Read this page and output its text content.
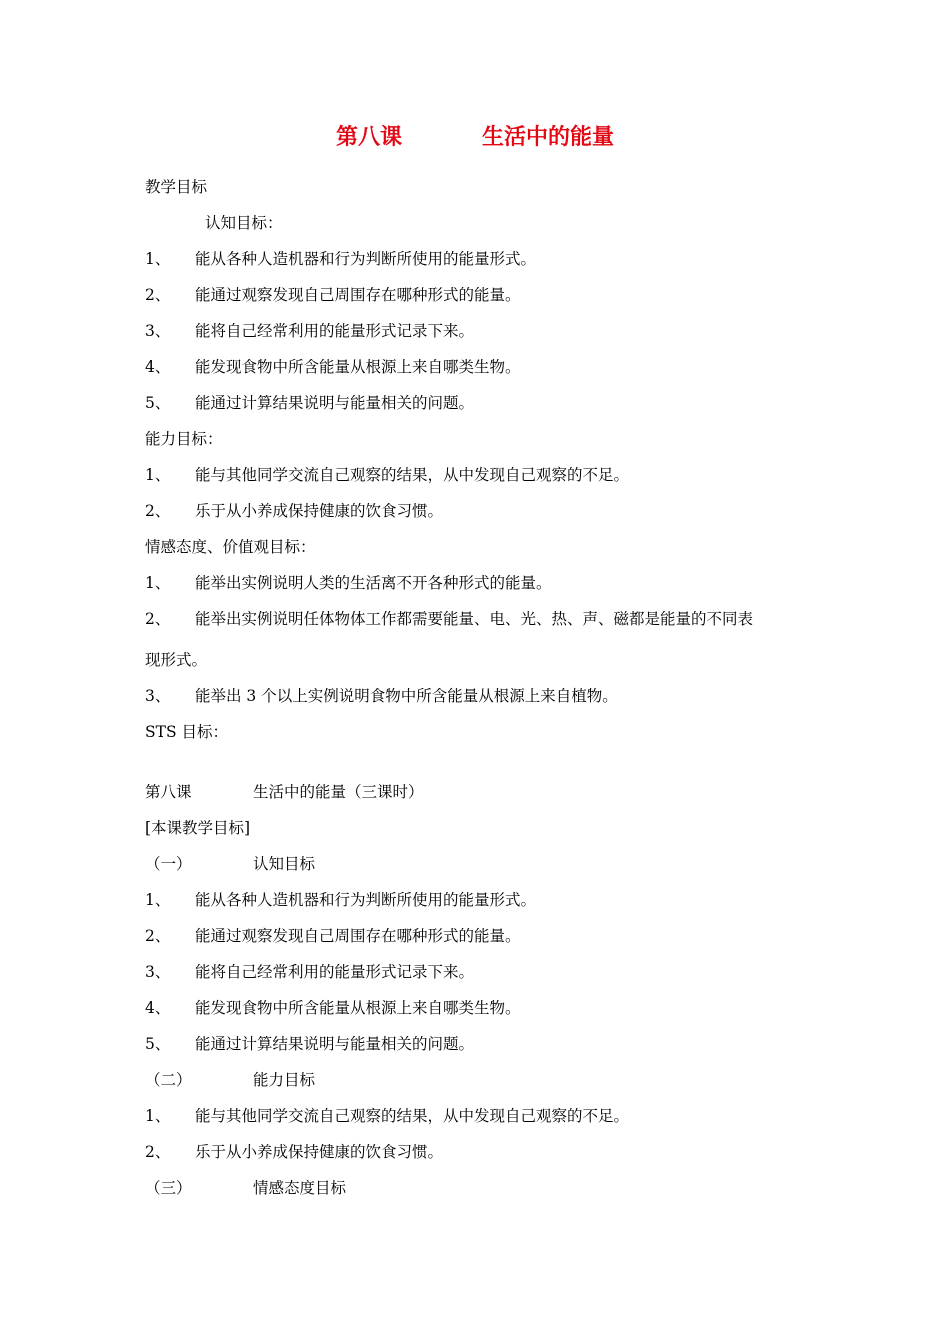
第八课	生活中的能量
教学目标
认知目标：
1、 能从各种人造机器和行为判断所使用的能量形式。
2、 能通过观察发现自己周围存在哪种形式的能量。
3、 能将自己经常利用的能量形式记录下来。
4、 能发现食物中所含能量从根源上来自哪类生物。
5、 能通过计算结果说明与能量相关的问题。
能力目标：
1、 能与其他同学交流自己观察的结果，从中发现自己观察的不足。
2、 乐于从小养成保持健康的饮食习惯。
情感态度、价值观目标：
1、 能举出实例说明人类的生活离不开各种形式的能量。
2、 能举出实例说明任体物体工作都需要能量、电、光、热、声、磁都是能量的不同表
现形式。
3、 能举出 3 个以上实例说明食物中所含能量从根源上来自植物。
STS 目标：
第八课	生活中的能量（三课时）
[本课教学目标]
（一）	认知目标
1、 能从各种人造机器和行为判断所使用的能量形式。
2、 能通过观察发现自己周围存在哪种形式的能量。
3、 能将自己经常利用的能量形式记录下来。
4、 能发现食物中所含能量从根源上来自哪类生物。
5、 能通过计算结果说明与能量相关的问题。
（二）	能力目标
1、 能与其他同学交流自己观察的结果，从中发现自己观察的不足。
2、 乐于从小养成保持健康的饮食习惯。
（三）	情感态度目标
